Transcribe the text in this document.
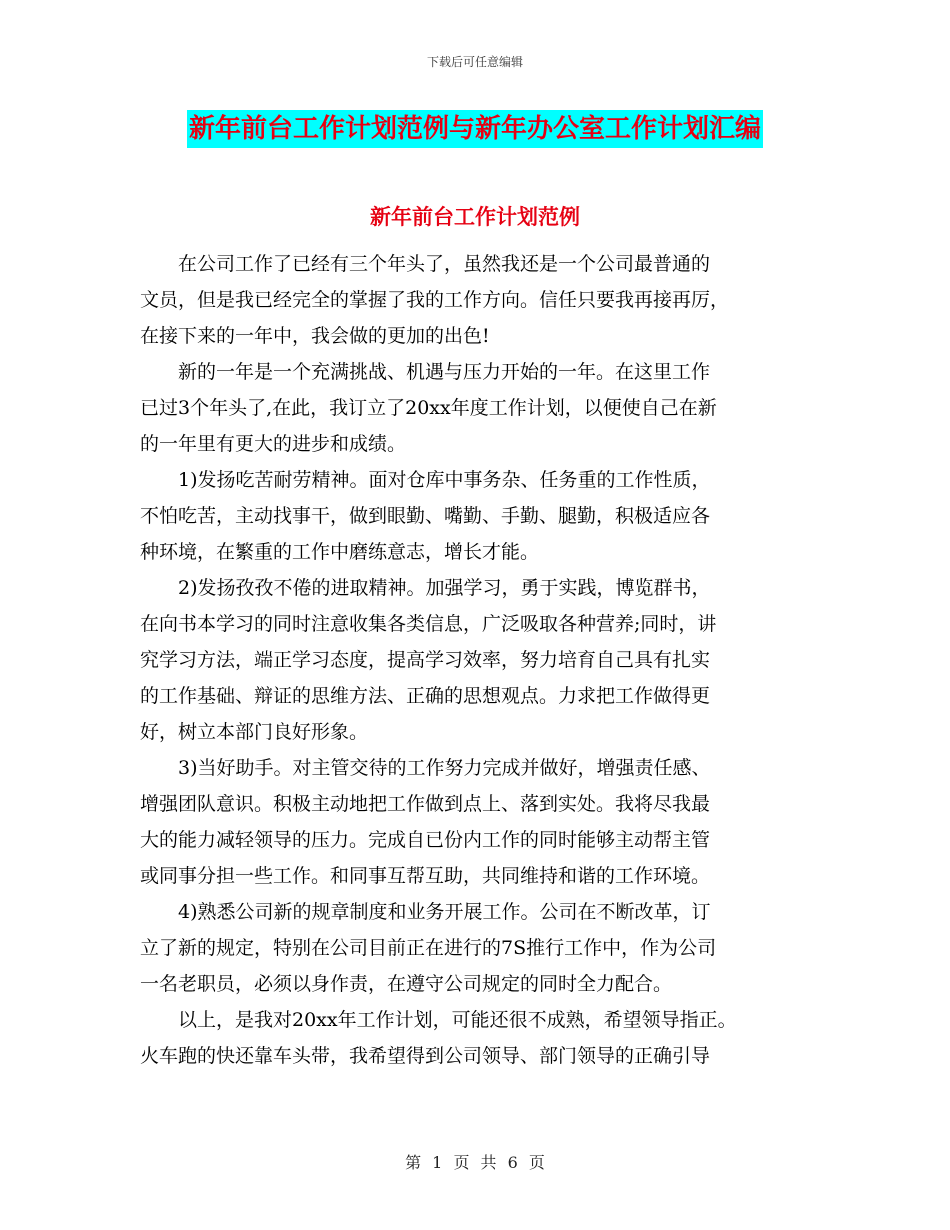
下载后可任意编辑
新年前台工作计划范例与新年办公室工作计划汇编
新年前台工作计划范例

在公司工作了已经有三个年头了，虽然我还是一个公司最普通的

文员，但是我已经完全的掌握了我的工作方向。信任只要我再接再厉，

在接下来的一年中，我会做的更加的出色!

新的一年是一个充满挑战、机遇与压力开始的一年。在这里工作

已过3个年头了,在此，我订立了20xx年度工作计划，以便使自己在新

的一年里有更大的进步和成绩。

1)发扬吃苦耐劳精神。面对仓库中事务杂、任务重的工作性质，

不怕吃苦，主动找事干，做到眼勤、嘴勤、手勤、腿勤，积极适应各

种环境，在繁重的工作中磨练意志，增长才能。

2)发扬孜孜不倦的进取精神。加强学习，勇于实践，博览群书，

在向书本学习的同时注意收集各类信息，广泛吸取各种营养;同时，讲

究学习方法，端正学习态度，提高学习效率，努力培育自己具有扎实

的工作基础、辩证的思维方法、正确的思想观点。力求把工作做得更

好，树立本部门良好形象。

3)当好助手。对主管交待的工作努力完成并做好，增强责任感、

增强团队意识。积极主动地把工作做到点上、落到实处。我将尽我最

大的能力减轻领导的压力。完成自已份内工作的同时能够主动帮主管

或同事分担一些工作。和同事互帮互助，共同维持和谐的工作环境。

4)熟悉公司新的规章制度和业务开展工作。公司在不断改革，订

立了新的规定，特别在公司目前正在进行的7S推行工作中，作为公司

一名老职员，必须以身作责，在遵守公司规定的同时全力配合。

以上，是我对20xx年工作计划，可能还很不成熟，希望领导指正。

火车跑的快还靠车头带，我希望得到公司领导、部门领导的正确引导

第 1 页 共 6 页
